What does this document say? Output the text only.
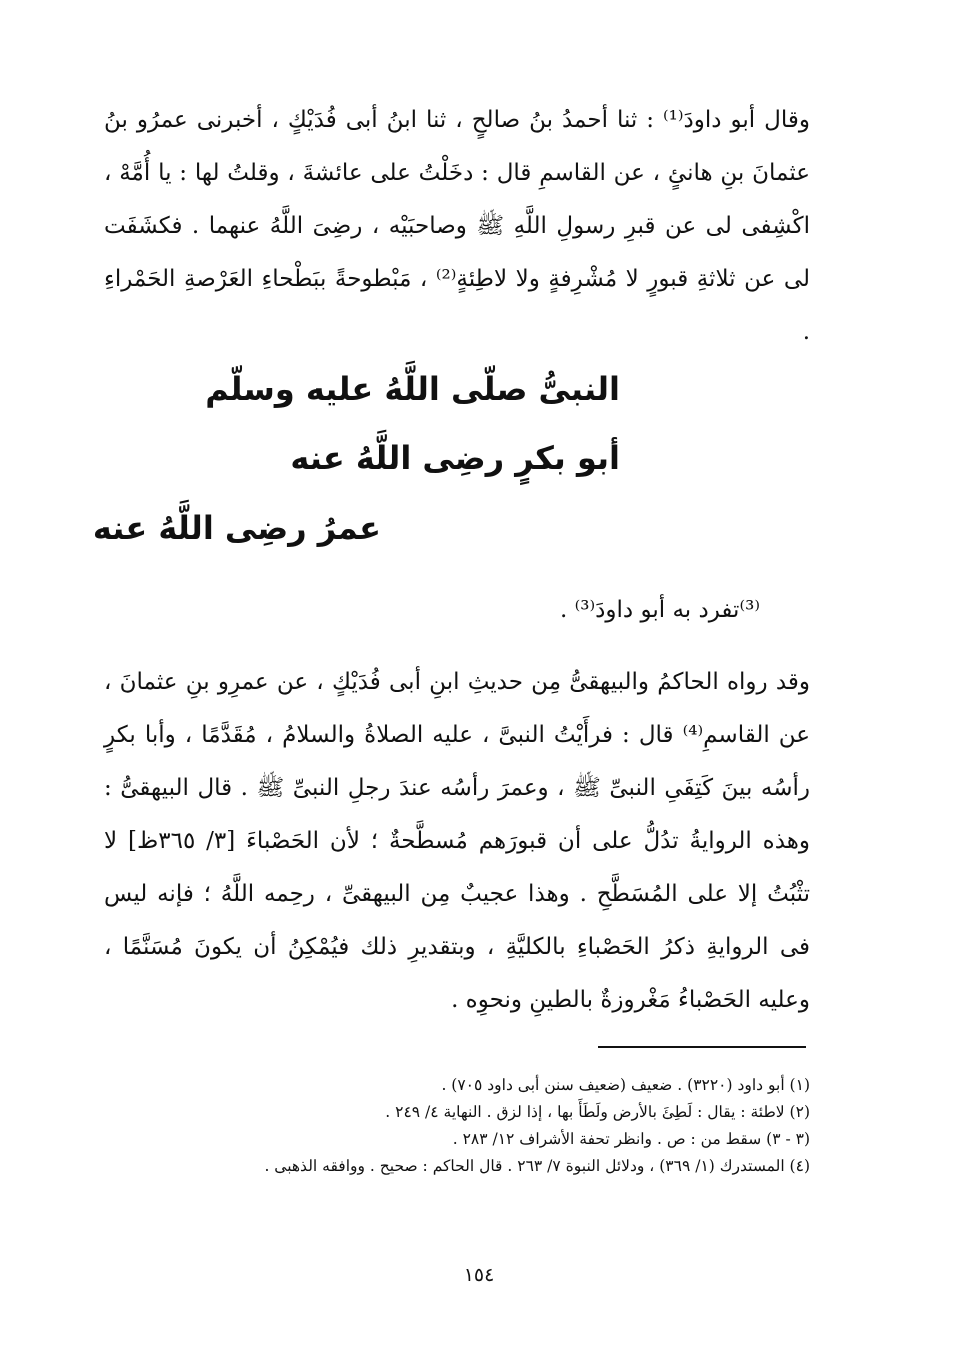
وقال أبو داودَ⁽¹⁾ : ثنا أحمدُ بنُ صالحٍ ، ثنا ابنُ أبى فُدَيْكٍ ، أخبرنى عمرُو بنُ عثمانَ بنِ هانئٍ ، عن القاسمِ قال : دخَلْتُ على عائشةَ ، وقلتُ لها : يا أُمَّهْ ، اكْشِفى لى عن قبرِ رسولِ اللَّهِ ﷺ وصاحبَيْه ، رضِىَ اللَّهُ عنهما . فكشَفَت لى عن ثلاثةِ قبورٍ لا مُشْرِفةٍ ولا لاطِئةٍ⁽²⁾ ، مَبْطوحةً ببَطْحاءِ العَرْصةِ الحَمْراءِ .

النبىُّ صلّى اللَّهُ عليه وسلّم
أبو بكرٍ رضِى اللَّهُ عنه
عمرُ رضِى اللَّهُ عنه

⁽³⁾تفرد به أبو داودَ⁽³⁾ .

وقد رواه الحاكمُ والبيهقىُّ مِن حديثِ ابنِ أبى فُدَيْكٍ ، عن عمرِو بنِ عثمانَ ، عن القاسمِ⁽⁴⁾ قال : فرأَيْتُ النبىَّ ، عليه الصلاةُ والسلامُ ، مُقَدَّمًا ، وأبا بكرٍ رأسُه بينَ كَتِفَىِ النبىِّ ﷺ ، وعمرَ رأسُه عندَ رجلِ النبىِّ ﷺ . قال البيهقىُّ : وهذه الروايةُ تدُلُّ على أن قبورَهم مُسطَّحةٌ ؛ لأن الحَصْباءَ [٣/ ٣٦٥ظ] لا تثْبُتُ إلا على المُسَطَّحِ . وهذا عجيبٌ مِن البيهقىِّ ، رحِمه اللَّهُ ؛ فإنه ليس فى الروايةِ ذكرُ الحَصْباءِ بالكليَّةِ ، وبتقديرِ ذلك فيُمْكِنُ أن يكونَ مُسَنَّمًا ، وعليه الحَصْباءُ مَغْروزةٌ بالطينِ ونحوِه .

(١) أبو داود (٣٢٢٠) . ضعيف (ضعيف سنن أبى داود ٧٠٥) .
(٢) لاطئة : يقال : لَطِئَ بالأرض ولَطَأَ بها ، إذا لزق . النهاية ٤/ ٢٤٩ .
(٣ - ٣) سقط من : ص . وانظر تحفة الأشراف ١٢/ ٢٨٣ .
(٤) المستدرك (١/ ٣٦٩) ، ودلائل النبوة ٧/ ٢٦٣ . قال الحاكم : صحيح . ووافقه الذهبى .
١٥٤
